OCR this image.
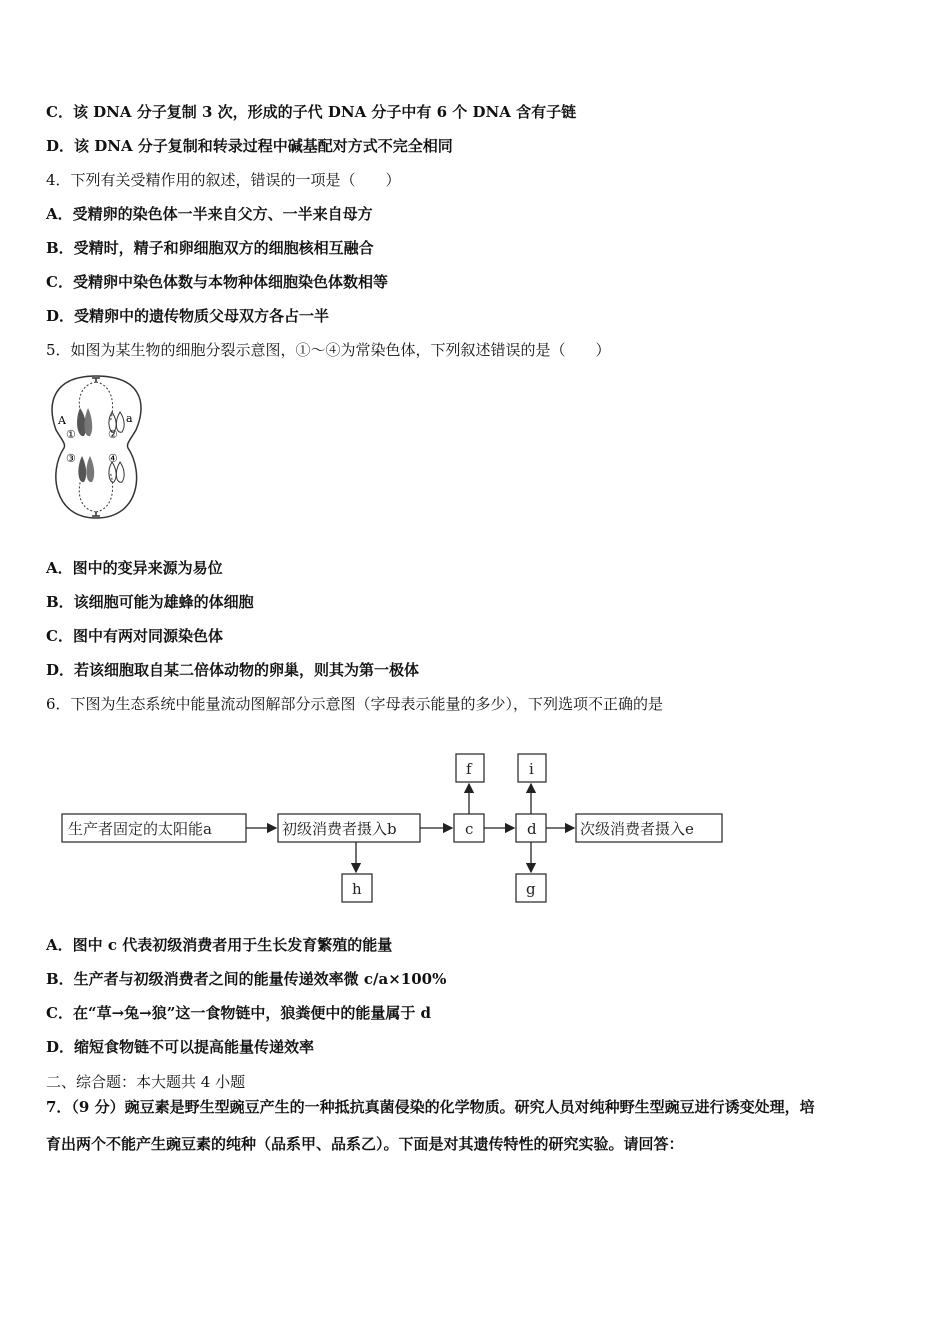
C．该 DNA 分子复制 3 次，形成的子代 DNA 分子中有 6 个 DNA 含有子链
D．该 DNA 分子复制和转录过程中碱基配对方式不完全相同
4．下列有关受精作用的叙述，错误的一项是（　　）
A．受精卵的染色体一半来自父方、一半来自母方
B．受精时，精子和卵细胞双方的细胞核相互融合
C．受精卵中染色体数与本物种体细胞染色体数相等
D．受精卵中的遗传物质父母双方各占一半
5．如图为某生物的细胞分裂示意图，①～④为常染色体，下列叙述错误的是（　　）
A	a
①	②
③	④
A．图中的变异来源为易位
B．该细胞可能为雄蜂的体细胞
C．图中有两对同源染色体
D．若该细胞取自某二倍体动物的卵巢，则其为第一极体
6．下图为生态系统中能量流动图解部分示意图（字母表示能量的多少），下列选项不正确的是
生产者固定的太阳能a	初级消费者摄入b	c	d	次级消费者摄入e
f	i
h	g
A．图中 c 代表初级消费者用于生长发育繁殖的能量
B．生产者与初级消费者之间的能量传递效率微 c/a×100%
C．在“草→兔→狼”这一食物链中，狼粪便中的能量属于 d
D．缩短食物链不可以提高能量传递效率
二、综合题：本大题共 4 小题
7．（9 分）豌豆素是野生型豌豆产生的一种抵抗真菌侵染的化学物质。研究人员对纯种野生型豌豆进行诱变处理，培
育出两个不能产生豌豆素的纯种（品系甲、品系乙）。下面是对其遗传特性的研究实验。请回答：
